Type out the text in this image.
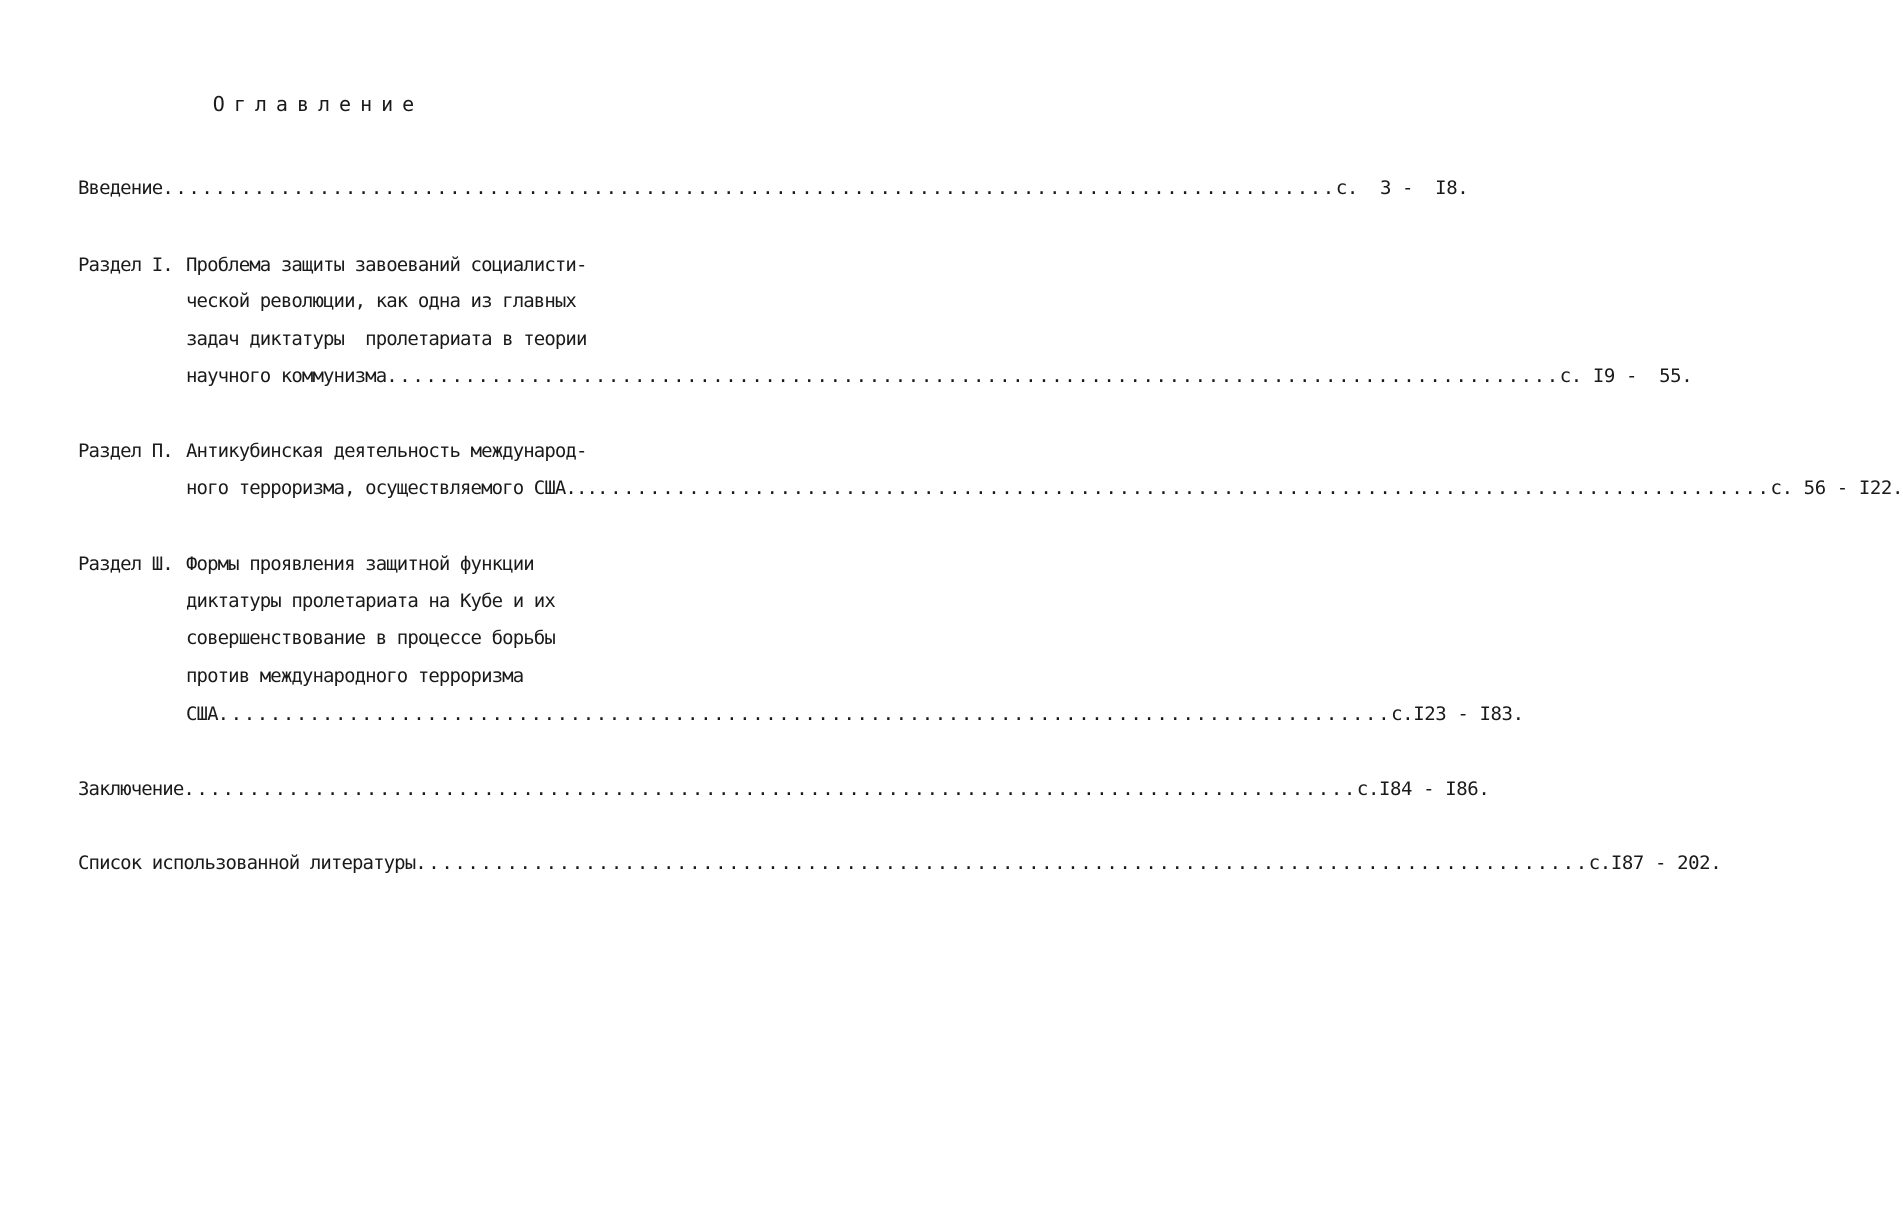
Оглавление

Введение .......................................................................................... с.  3 -  I8.

Раздел I.

Проблема защиты завоеваний социалисти-

ческой революции, как одна из главных

задач диктатуры  пролетариата в теории

научного коммунизма .......................................................................................... с. I9 -  55.

Раздел П.

Антикубинская деятельность международ-

ного терроризма, осуществляемого США... .......................................................................................... с. 56 - I22.

Раздел Ш.

Формы проявления защитной функции

диктатуры пролетариата на Кубе и их

совершенствование в процессе борьбы

против международного терроризма

США .......................................................................................... с.I23 - I83.

Заключение .......................................................................................... с.I84 - I86.

Список использованной литературы .......................................................................................... с.I87 - 202.
